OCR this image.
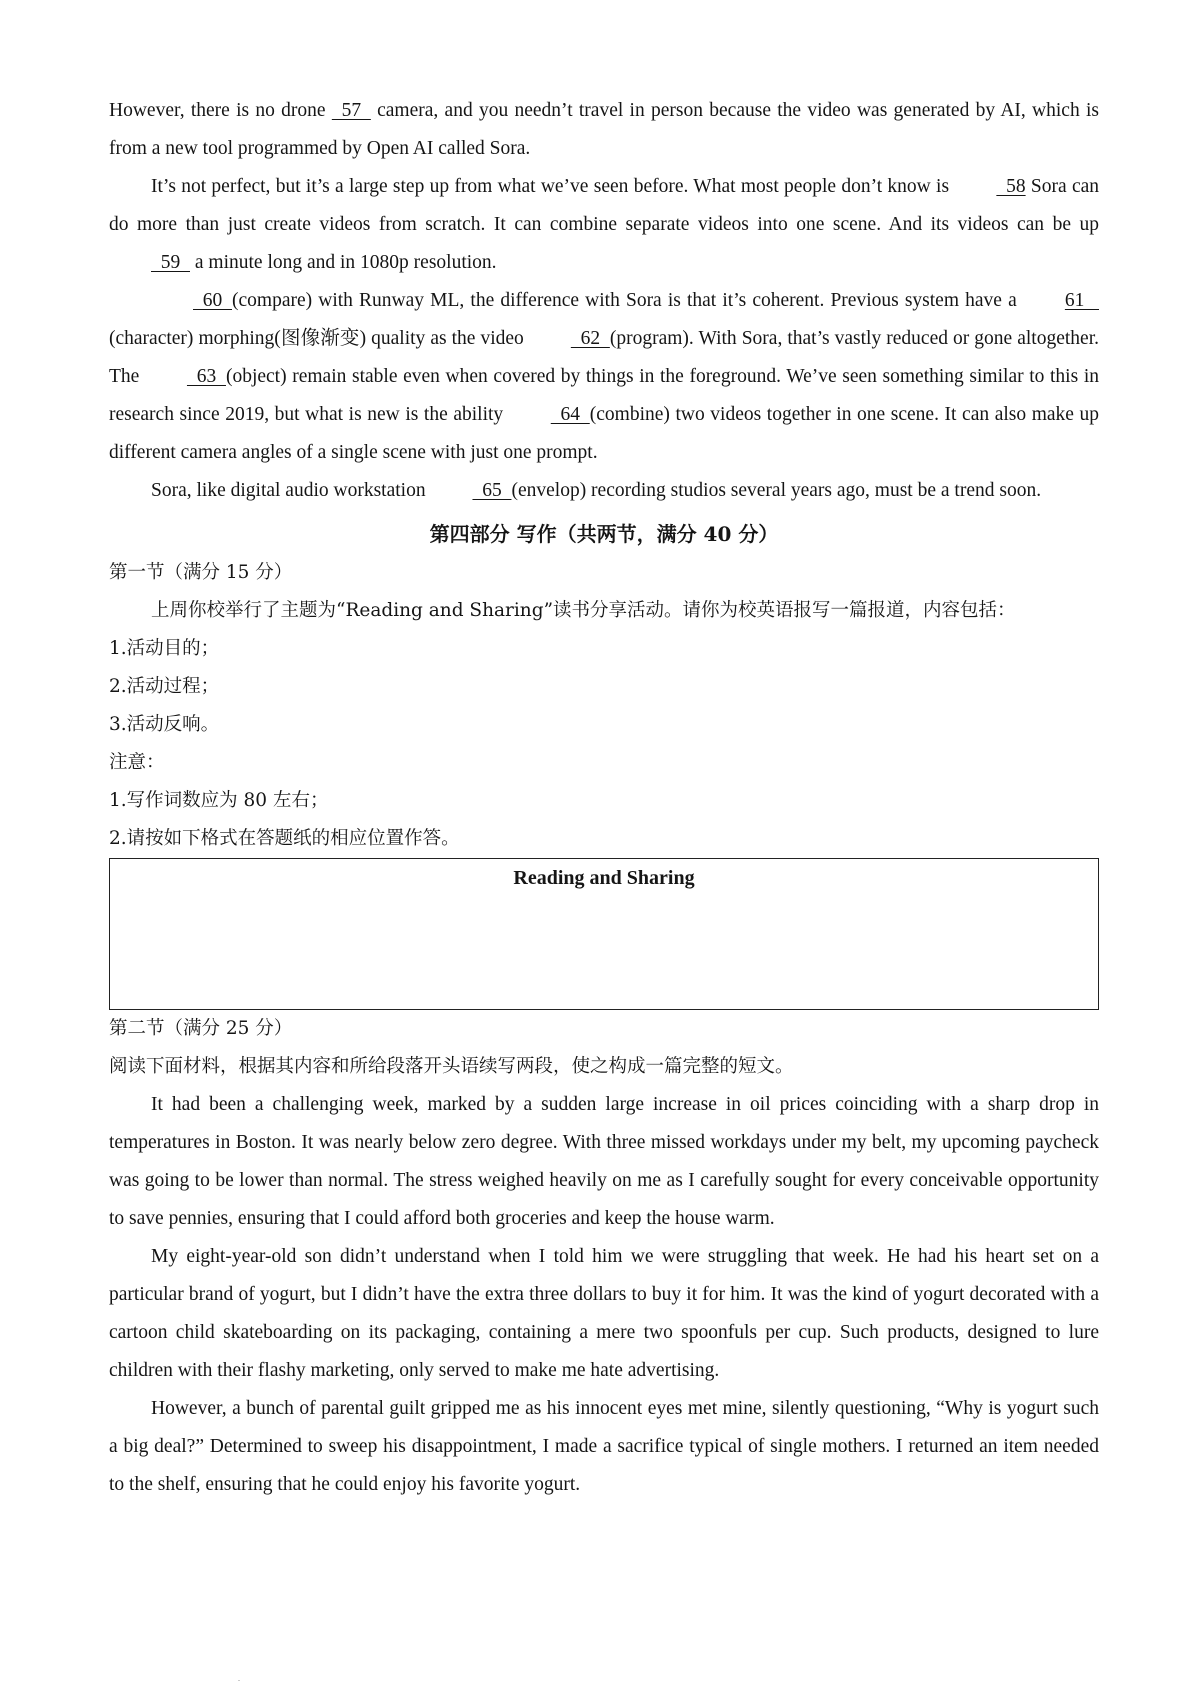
However, there is no drone   57   camera, and you needn’t travel in person because the video was generated by AI, which is from a new tool programmed by Open AI called Sora.

It’s not perfect, but it’s a large step up from what we’ve seen before. What most people don’t know is   58 Sora can do more than just create videos from scratch. It can combine separate videos into one scene. And its videos can be up   59   a minute long and in 1080p resolution.

60  (compare) with Runway ML, the difference with Sora is that it’s coherent. Previous system have a 61   (character) morphing(图像渐变) quality as the video   62  (program). With Sora, that’s vastly reduced or gone altogether. The   63  (object) remain stable even when covered by things in the foreground. We’ve seen something similar to this in research since 2019, but what is new is the ability   64  (combine) two videos together in one scene. It can also make up different camera angles of a single scene with just one prompt.

Sora, like digital audio workstation   65  (envelop) recording studios several years ago, must be a trend soon.

第四部分 写作（共两节，满分 40 分）
第一节（满分 15 分）
上周你校举行了主题为“Reading and Sharing”读书分享活动。请你为校英语报写一篇报道，内容包括：
1.活动目的；
2.活动过程；
3.活动反响。
注意：
1.写作词数应为 80 左右；
2.请按如下格式在答题纸的相应位置作答。
Reading and Sharing
第二节（满分 25 分）
阅读下面材料，根据其内容和所给段落开头语续写两段，使之构成一篇完整的短文。

It had been a challenging week, marked by a sudden large increase in oil prices coinciding with a sharp drop in temperatures in Boston. It was nearly below zero degree. With three missed workdays under my belt, my upcoming paycheck was going to be lower than normal. The stress weighed heavily on me as I carefully sought for every conceivable opportunity to save pennies, ensuring that I could afford both groceries and keep the house warm.

My eight-year-old son didn’t understand when I told him we were struggling that week. He had his heart set on a particular brand of yogurt, but I didn’t have the extra three dollars to buy it for him. It was the kind of yogurt decorated with a cartoon child skateboarding on its packaging, containing a mere two spoonfuls per cup. Such products, designed to lure children with their flashy marketing, only served to make me hate advertising.

However, a bunch of parental guilt gripped me as his innocent eyes met mine, silently questioning, “Why is yogurt such a big deal?” Determined to sweep his disappointment, I made a sacrifice typical of single mothers. I returned an item needed to the shelf, ensuring that he could enjoy his favorite yogurt.
